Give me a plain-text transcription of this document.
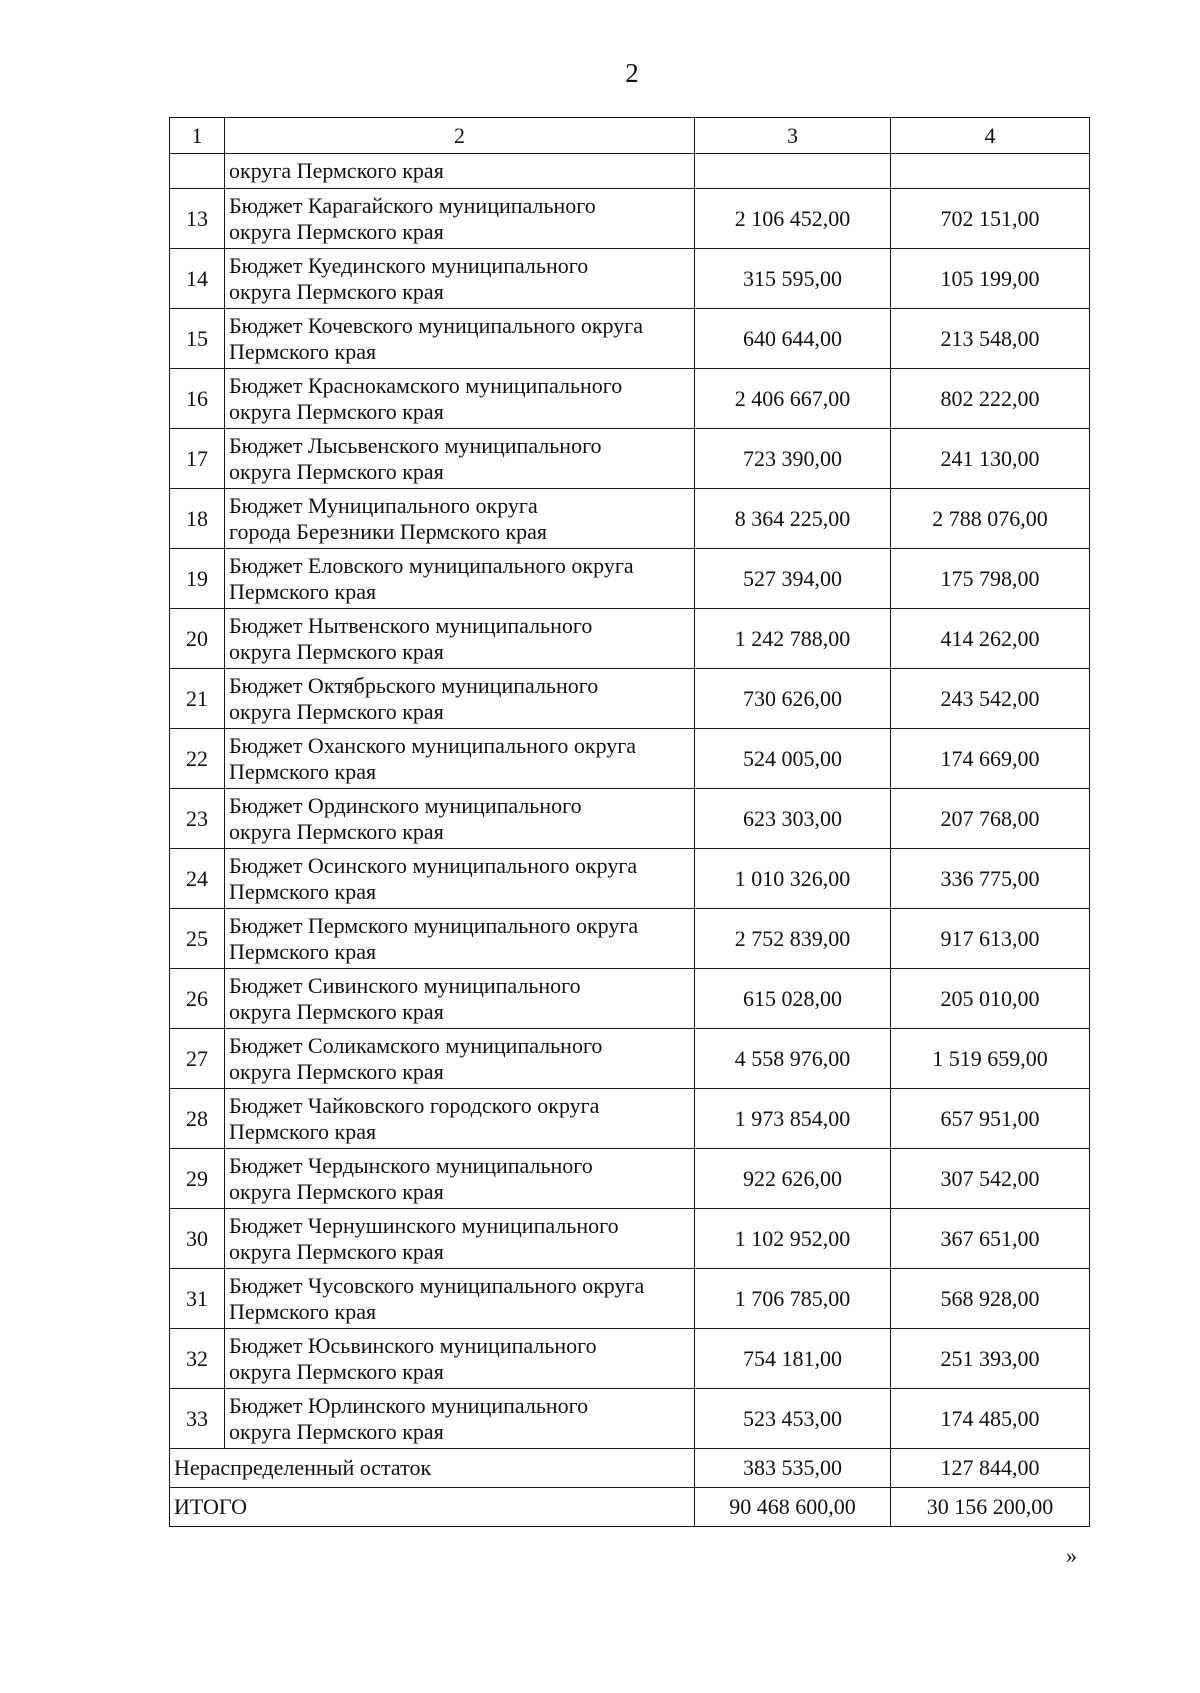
2
1	2	3	4
	округа Пермского края		
13	Бюджет Карагайского муниципального
округа Пермского края	2 106 452,00	702 151,00
14	Бюджет Куединского муниципального
округа Пермского края	315 595,00	105 199,00
15	Бюджет Кочевского муниципального округа
Пермского края	640 644,00	213 548,00
16	Бюджет Краснокамского муниципального
округа Пермского края	2 406 667,00	802 222,00
17	Бюджет Лысьвенского муниципального
округа Пермского края	723 390,00	241 130,00
18	Бюджет Муниципального округа
города Березники Пермского края	8 364 225,00	2 788 076,00
19	Бюджет Еловского муниципального округа
Пермского края	527 394,00	175 798,00
20	Бюджет Нытвенского муниципального
округа Пермского края	1 242 788,00	414 262,00
21	Бюджет Октябрьского муниципального
округа Пермского края	730 626,00	243 542,00
22	Бюджет Оханского муниципального округа
Пермского края	524 005,00	174 669,00
23	Бюджет Ординского муниципального
округа Пермского края	623 303,00	207 768,00
24	Бюджет Осинского муниципального округа
Пермского края	1 010 326,00	336 775,00
25	Бюджет Пермского муниципального округа
Пермского края	2 752 839,00	917 613,00
26	Бюджет Сивинского муниципального
округа Пермского края	615 028,00	205 010,00
27	Бюджет Соликамского муниципального
округа Пермского края	4 558 976,00	1 519 659,00
28	Бюджет Чайковского городского округа
Пермского края	1 973 854,00	657 951,00
29	Бюджет Чердынского муниципального
округа Пермского края	922 626,00	307 542,00
30	Бюджет Чернушинского муниципального
округа Пермского края	1 102 952,00	367 651,00
31	Бюджет Чусовского муниципального округа
Пермского края	1 706 785,00	568 928,00
32	Бюджет Юсьвинского муниципального
округа Пермского края	754 181,00	251 393,00
33	Бюджет Юрлинского муниципального
округа Пермского края	523 453,00	174 485,00
Нераспределенный остаток		383 535,00	127 844,00
ИТОГО		90 468 600,00	30 156 200,00
»
